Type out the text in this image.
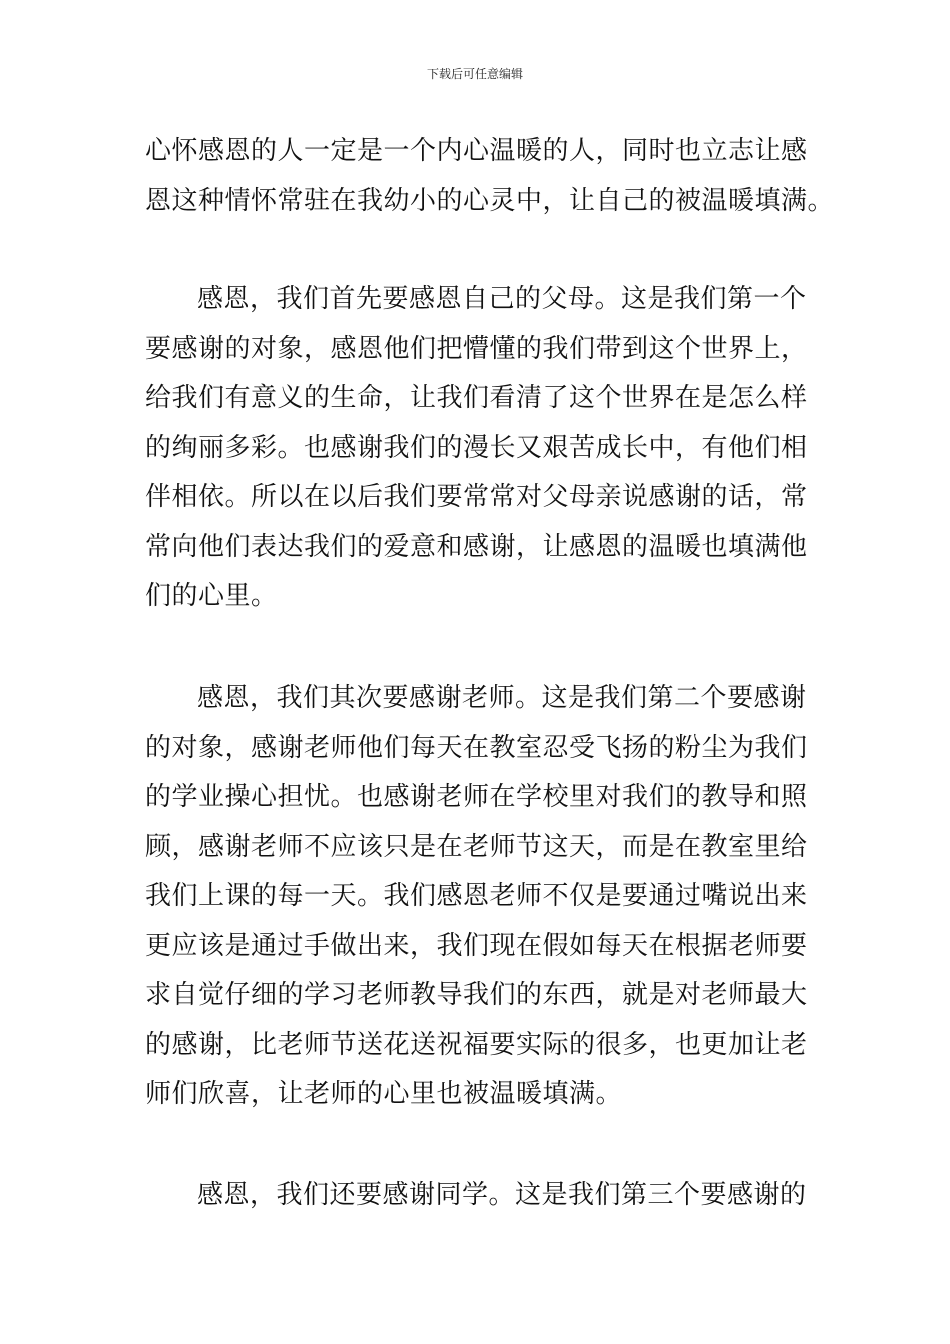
下载后可任意编辑
心怀感恩的人一定是一个内心温暖的人，同时也立志让感
恩这种情怀常驻在我幼小的心灵中，让自己的被温暖填满。
感恩，我们首先要感恩自己的父母。这是我们第一个
要感谢的对象，感恩他们把懵懂的我们带到这个世界上，
给我们有意义的生命，让我们看清了这个世界在是怎么样
的绚丽多彩。也感谢我们的漫长又艰苦成长中，有他们相
伴相依。所以在以后我们要常常对父母亲说感谢的话，常
常向他们表达我们的爱意和感谢，让感恩的温暖也填满他
们的心里。
感恩，我们其次要感谢老师。这是我们第二个要感谢
的对象，感谢老师他们每天在教室忍受飞扬的粉尘为我们
的学业操心担忧。也感谢老师在学校里对我们的教导和照
顾，感谢老师不应该只是在老师节这天，而是在教室里给
我们上课的每一天。我们感恩老师不仅是要通过嘴说出来
更应该是通过手做出来，我们现在假如每天在根据老师要
求自觉仔细的学习老师教导我们的东西，就是对老师最大
的感谢，比老师节送花送祝福要实际的很多，也更加让老
师们欣喜，让老师的心里也被温暖填满。
感恩，我们还要感谢同学。这是我们第三个要感谢的
